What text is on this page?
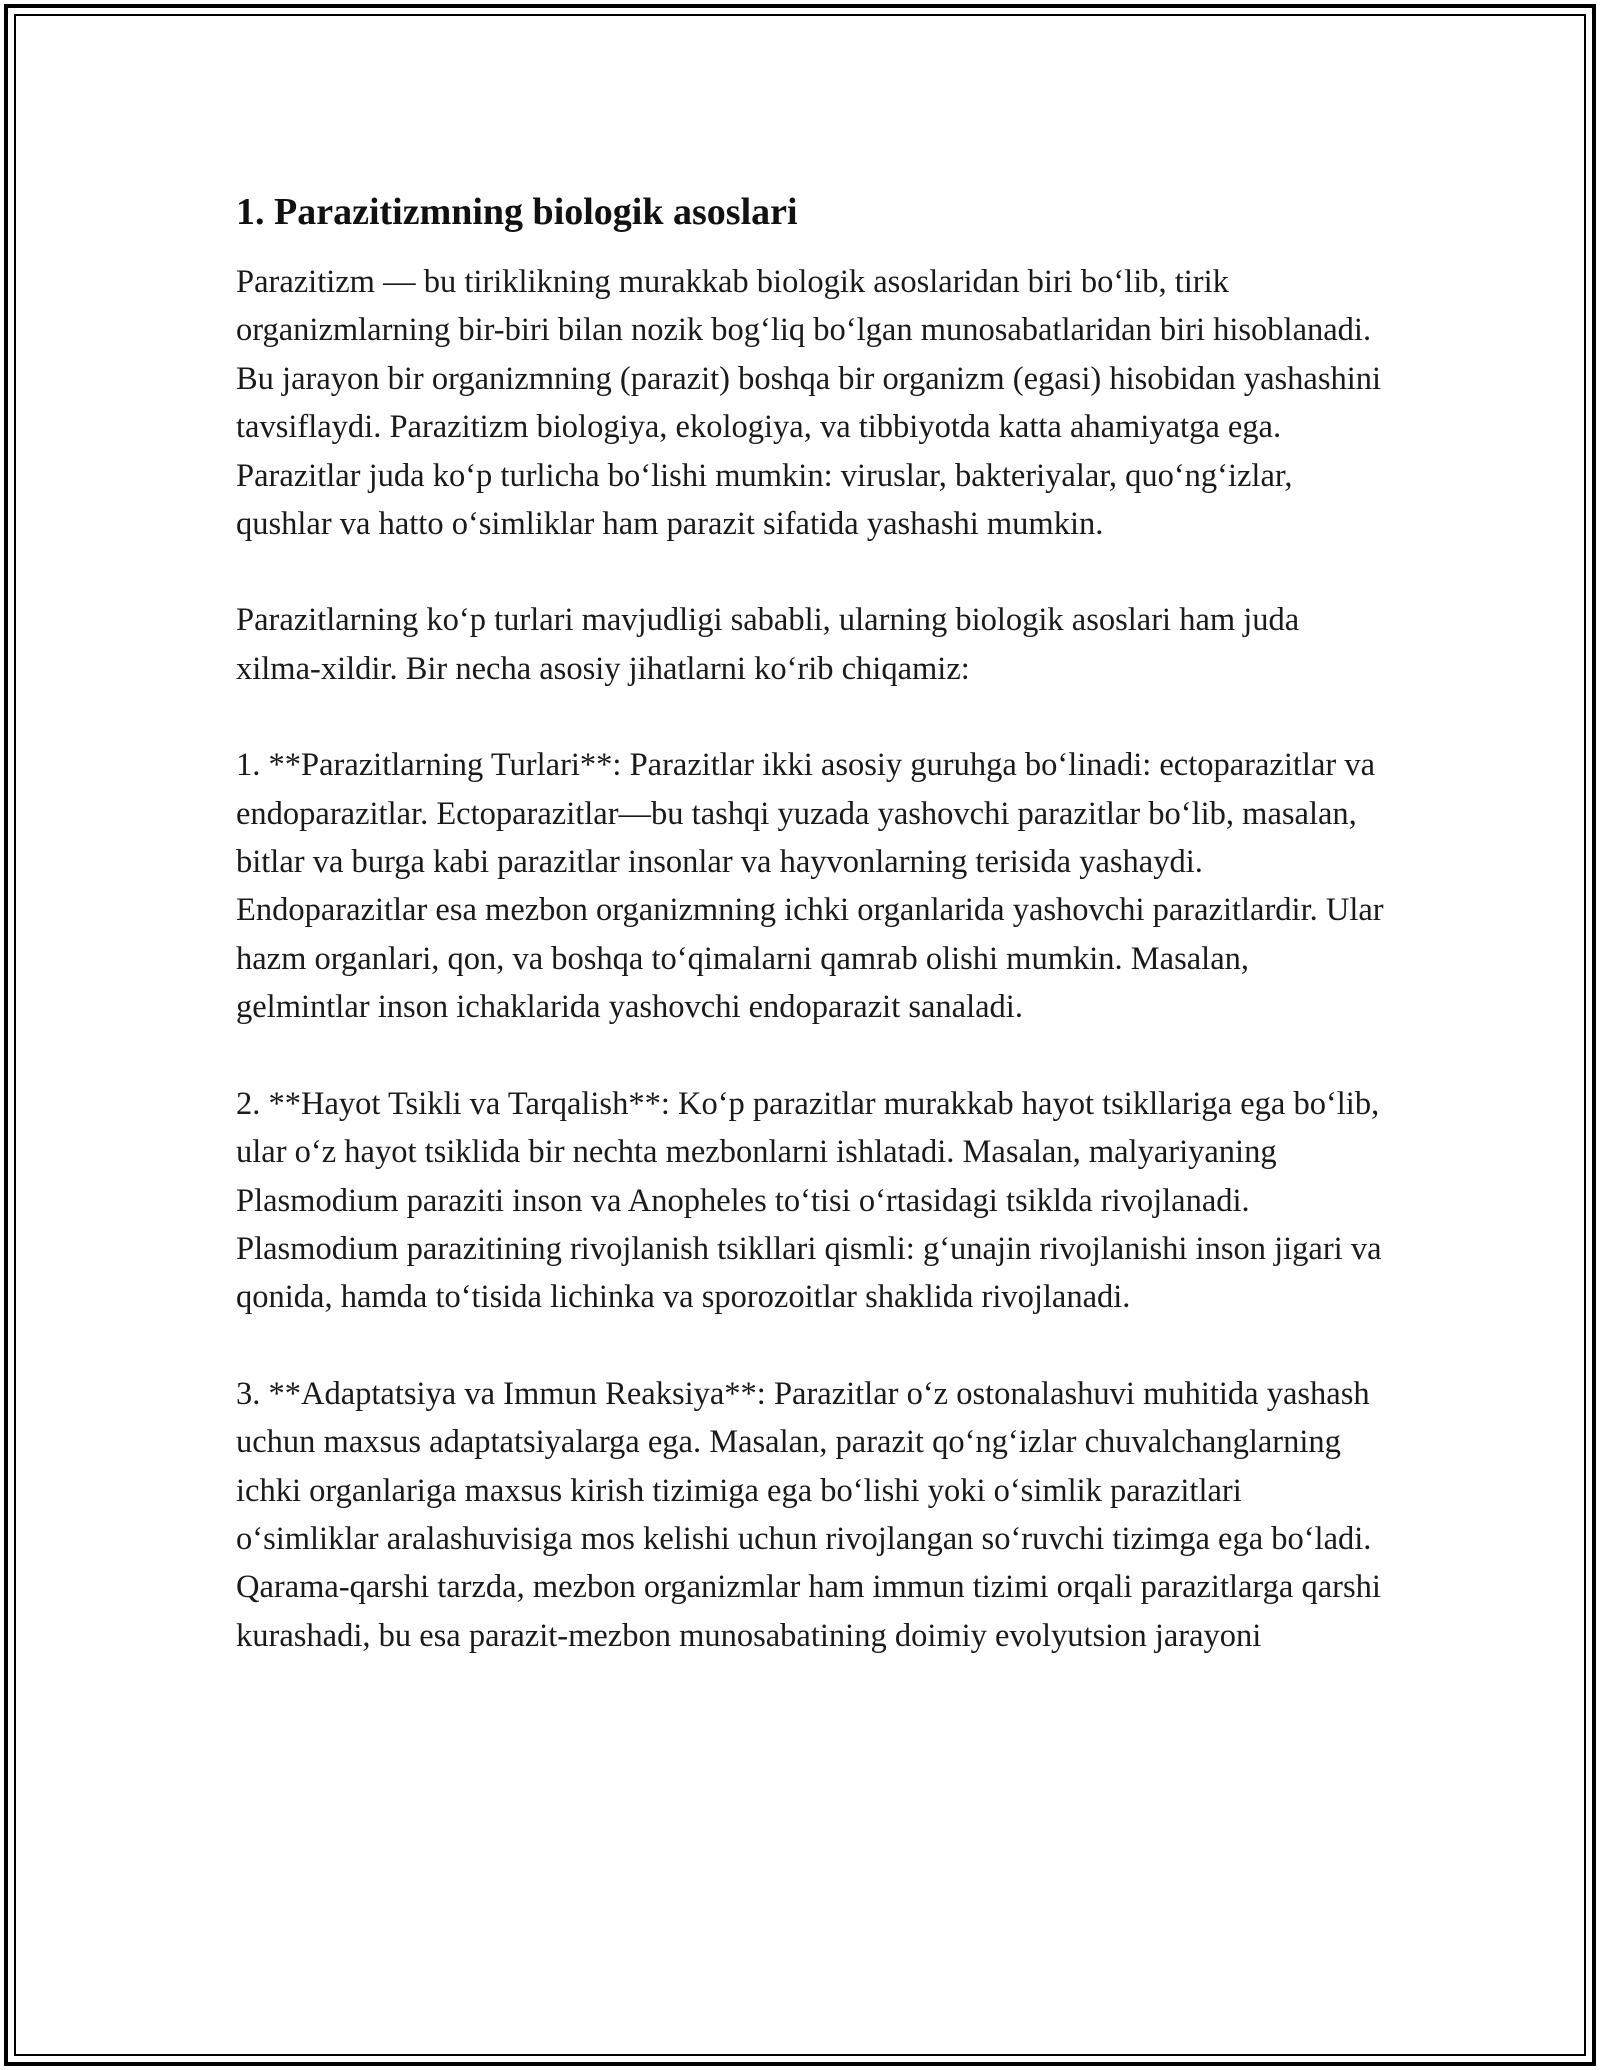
1. Parazitizmning biologik asoslari

Parazitizm — bu tiriklikning murakkab biologik asoslaridan biri bo‘lib, tirik organizmlarning bir-biri bilan nozik bog‘liq bo‘lgan munosabatlaridan biri hisoblanadi. Bu jarayon bir organizmning (parazit) boshqa bir organizm (egasi) hisobidan yashashini tavsiflaydi. Parazitizm biologiya, ekologiya, va tibbiyotda katta ahamiyatga ega. Parazitlar juda ko‘p turlicha bo‘lishi mumkin: viruslar, bakteriyalar, quo‘ng‘izlar, qushlar va hatto o‘simliklar ham parazit sifatida yashashi mumkin.

Parazitlarning ko‘p turlari mavjudligi sababli, ularning biologik asoslari ham juda xilma-xildir. Bir necha asosiy jihatlarni ko‘rib chiqamiz:

1. **Parazitlarning Turlari**: Parazitlar ikki asosiy guruhga bo‘linadi: ectoparazitlar va endoparazitlar. Ectoparazitlar—bu tashqi yuzada yashovchi parazitlar bo‘lib, masalan, bitlar va burga kabi parazitlar insonlar va hayvonlarning terisida yashaydi. Endoparazitlar esa mezbon organizmning ichki organlarida yashovchi parazitlardir. Ular hazm organlari, qon, va boshqa to‘qimalarni qamrab olishi mumkin. Masalan, gelmintlar inson ichaklarida yashovchi endoparazit sanaladi.

2. **Hayot Tsikli va Tarqalish**: Ko‘p parazitlar murakkab hayot tsikllariga ega bo‘lib, ular o‘z hayot tsiklida bir nechta mezbonlarni ishlatadi. Masalan, malyariyaning Plasmodium paraziti inson va Anopheles to‘tisi o‘rtasidagi tsiklda rivojlanadi. Plasmodium parazitining rivojlanish tsikllari qismli: g‘unajin rivojlanishi inson jigari va qonida, hamda to‘tisida lichinka va sporozoitlar shaklida rivojlanadi.

3. **Adaptatsiya va Immun Reaksiya**: Parazitlar o‘z ostonalashuvi muhitida yashash uchun maxsus adaptatsiyalarga ega. Masalan, parazit qo‘ng‘izlar chuvalchanglarning ichki organlariga maxsus kirish tizimiga ega bo‘lishi yoki o‘simlik parazitlari o‘simliklar aralashuvisiga mos kelishi uchun rivojlangan so‘ruvchi tizimga ega bo‘ladi. Qarama-qarshi tarzda, mezbon organizmlar ham immun tizimi orqali parazitlarga qarshi kurashadi, bu esa parazit-mezbon munosabatining doimiy evolyutsion jarayoni
